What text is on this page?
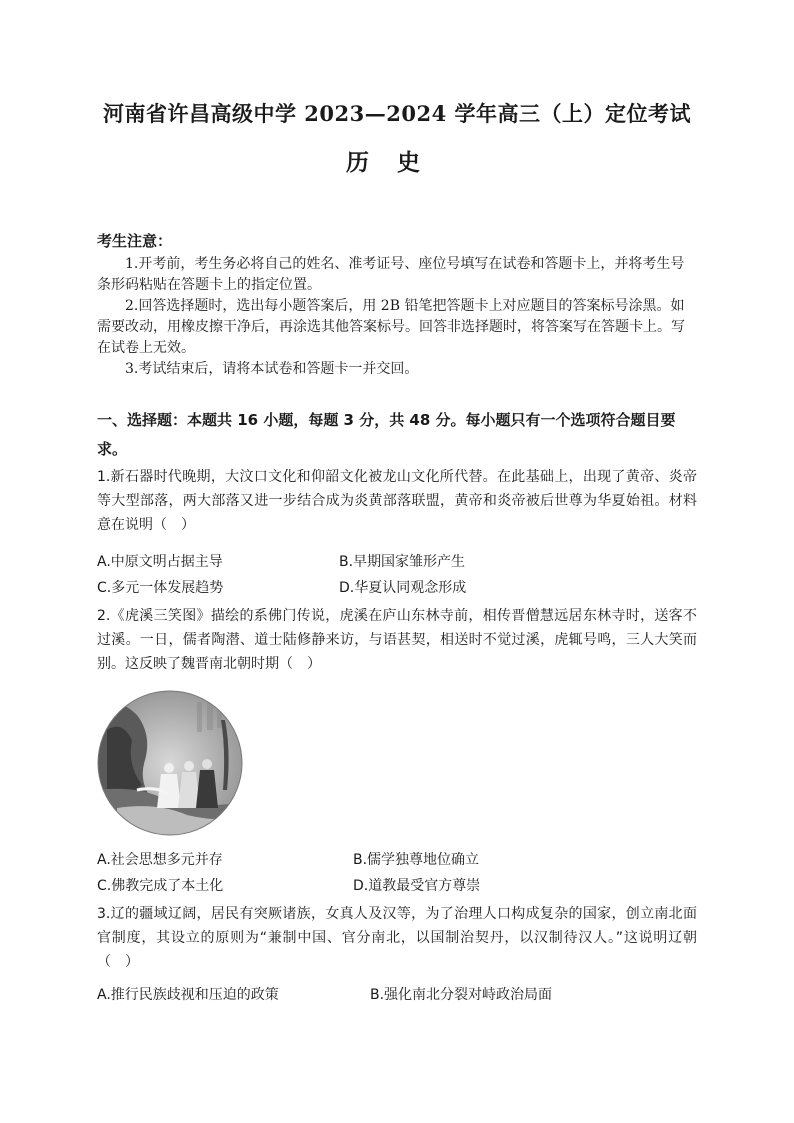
河南省许昌高级中学 2023—2024 学年高三（上）定位考试
历史
考生注意：
1.开考前，考生务必将自己的姓名、准考证号、座位号填写在试卷和答题卡上，并将考生号条形码粘贴在答题卡上的指定位置。
2.回答选择题时，选出每小题答案后，用 2B 铅笔把答题卡上对应题目的答案标号涂黑。如需要改动，用橡皮擦干净后，再涂选其他答案标号。回答非选择题时，将答案写在答题卡上。写在试卷上无效。
3.考试结束后，请将本试卷和答题卡一并交回。
一、选择题：本题共 16 小题，每题 3 分，共 48 分。每小题只有一个选项符合题目要求。
1.新石器时代晚期，大汶口文化和仰韶文化被龙山文化所代替。在此基础上，出现了黄帝、炎帝等大型部落，两大部落又进一步结合成为炎黄部落联盟，黄帝和炎帝被后世尊为华夏始祖。材料意在说明（　）
A.中原文明占据主导	B.早期国家雏形产生
C.多元一体发展趋势	D.华夏认同观念形成
2.《虎溪三笑图》描绘的系佛门传说，虎溪在庐山东林寺前，相传晋僧慧远居东林寺时，送客不过溪。一日，儒者陶潜、道士陆修静来访，与语甚契，相送时不觉过溪，虎辄号鸣，三人大笑而别。这反映了魏晋南北朝时期（　）
A.社会思想多元并存	B.儒学独尊地位确立
C.佛教完成了本土化	D.道教最受官方尊崇
3.辽的疆域辽阔，居民有突厥诸族，女真人及汉等，为了治理人口构成复杂的国家，创立南北面官制度，其设立的原则为“兼制中国、官分南北，以国制治契丹，以汉制待汉人。”这说明辽朝（　）
A.推行民族歧视和压迫的政策	B.强化南北分裂对峙政治局面
